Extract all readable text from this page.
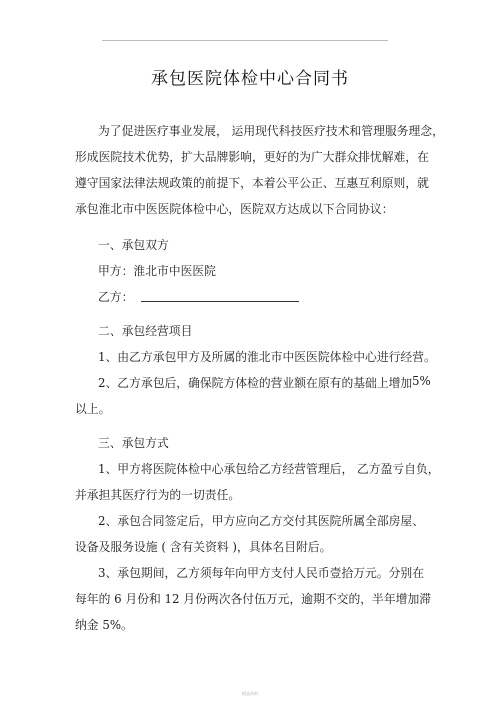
承包医院体检中心合同书
为了促进医疗事业发展， 运用现代科技医疗技术和管理服务理念，
形成医院技术优势，扩大品牌影响，更好的为广大群众排忧解难，在
遵守国家法律法规政策的前提下，本着公平公正、互惠互利原则，就
承包淮北市中医医院体检中心，医院双方达成以下合同协议：
一、承包双方
甲方：淮北市中医医院
乙方：
二、承包经营项目
1、由乙方承包甲方及所属的淮北市中医医院体检中心进行经营。
2、乙方承包后，确保院方体检的营业额在原有的基础上增加 5%
以上。
三、承包方式
1、甲方将医院体检中心承包给乙方经营管理后， 乙方盈亏自负，
并承担其医疗行为的一切责任。
2、承包合同签定后，甲方应向乙方交付其医院所属全部房屋、
设备及服务设施 ( 含有关资料 )，具体名目附后。
3、承包期间，乙方须每年向甲方支付人民币壹拾万元。分别在
每年的 6 月份和 12 月份两次各付伍万元，逾期不交的，半年增加滞
纳金 5%。
精品资料
